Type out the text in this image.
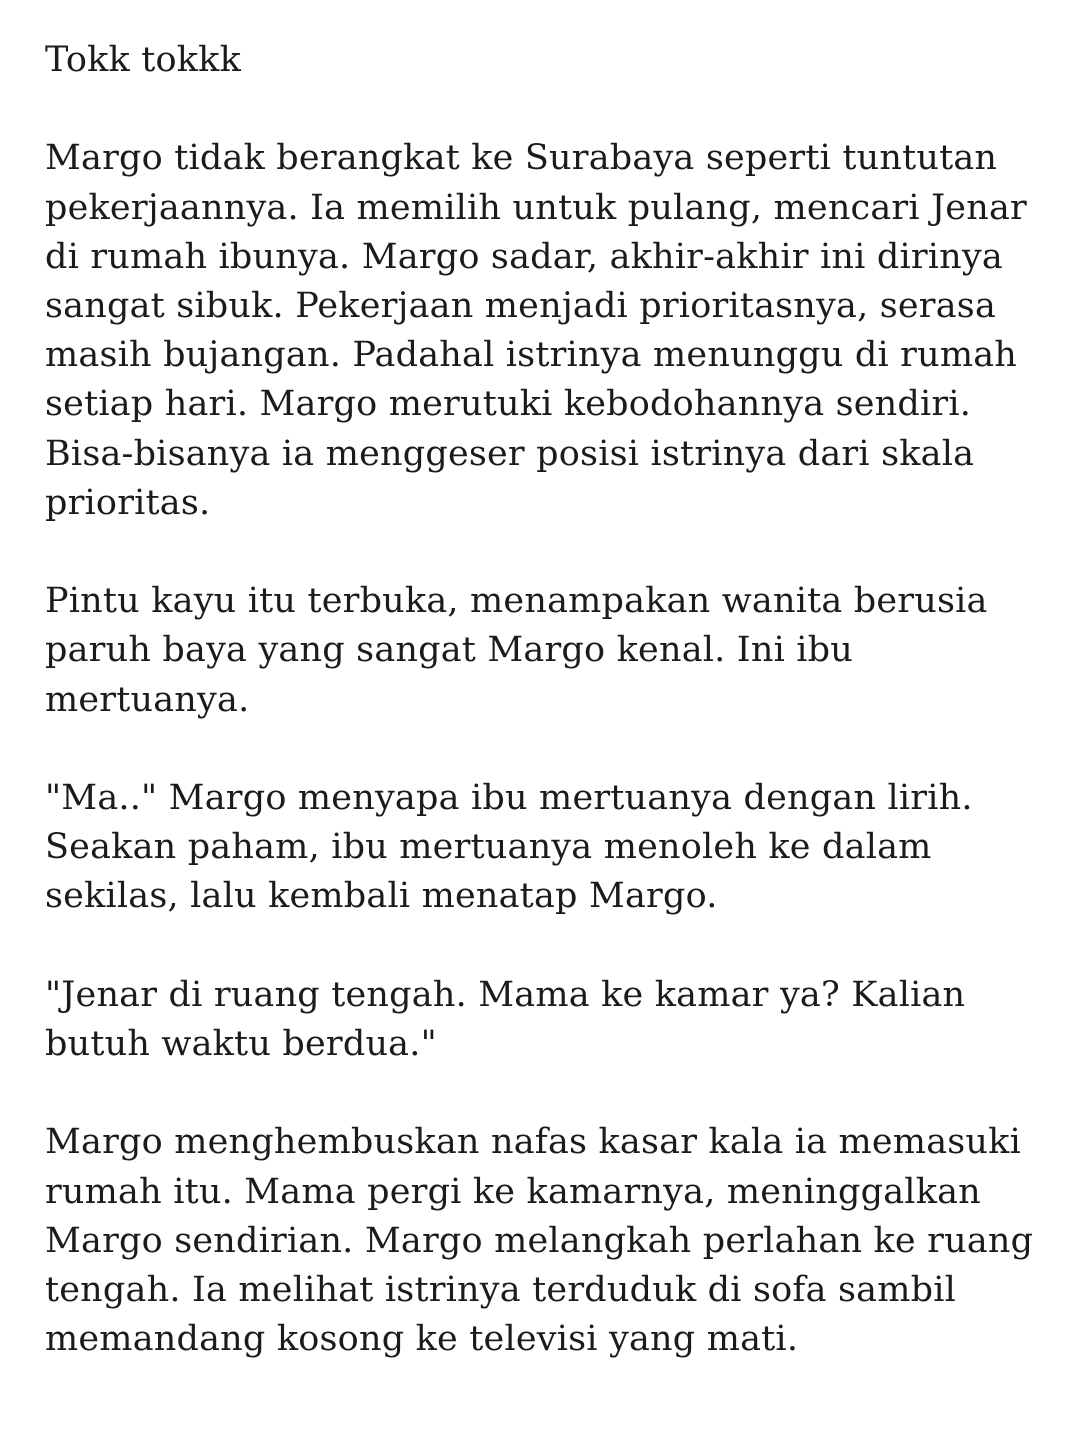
Tokk tokkk

Margo tidak berangkat ke Surabaya seperti tuntutan pekerjaannya. Ia memilih untuk pulang, mencari Jenar di rumah ibunya. Margo sadar, akhir-akhir ini dirinya sangat sibuk. Pekerjaan menjadi prioritasnya, serasa masih bujangan. Padahal istrinya menunggu di rumah setiap hari. Margo merutuki kebodohannya sendiri. Bisa-bisanya ia menggeser posisi istrinya dari skala prioritas.

Pintu kayu itu terbuka, menampakan wanita berusia paruh baya yang sangat Margo kenal. Ini ibu mertuanya.

"Ma.." Margo menyapa ibu mertuanya dengan lirih. Seakan paham, ibu mertuanya menoleh ke dalam sekilas, lalu kembali menatap Margo.

"Jenar di ruang tengah. Mama ke kamar ya? Kalian butuh waktu berdua."

Margo menghembuskan nafas kasar kala ia memasuki rumah itu. Mama pergi ke kamarnya, meninggalkan Margo sendirian. Margo melangkah perlahan ke ruang tengah. Ia melihat istrinya terduduk di sofa sambil memandang kosong ke televisi yang mati.
